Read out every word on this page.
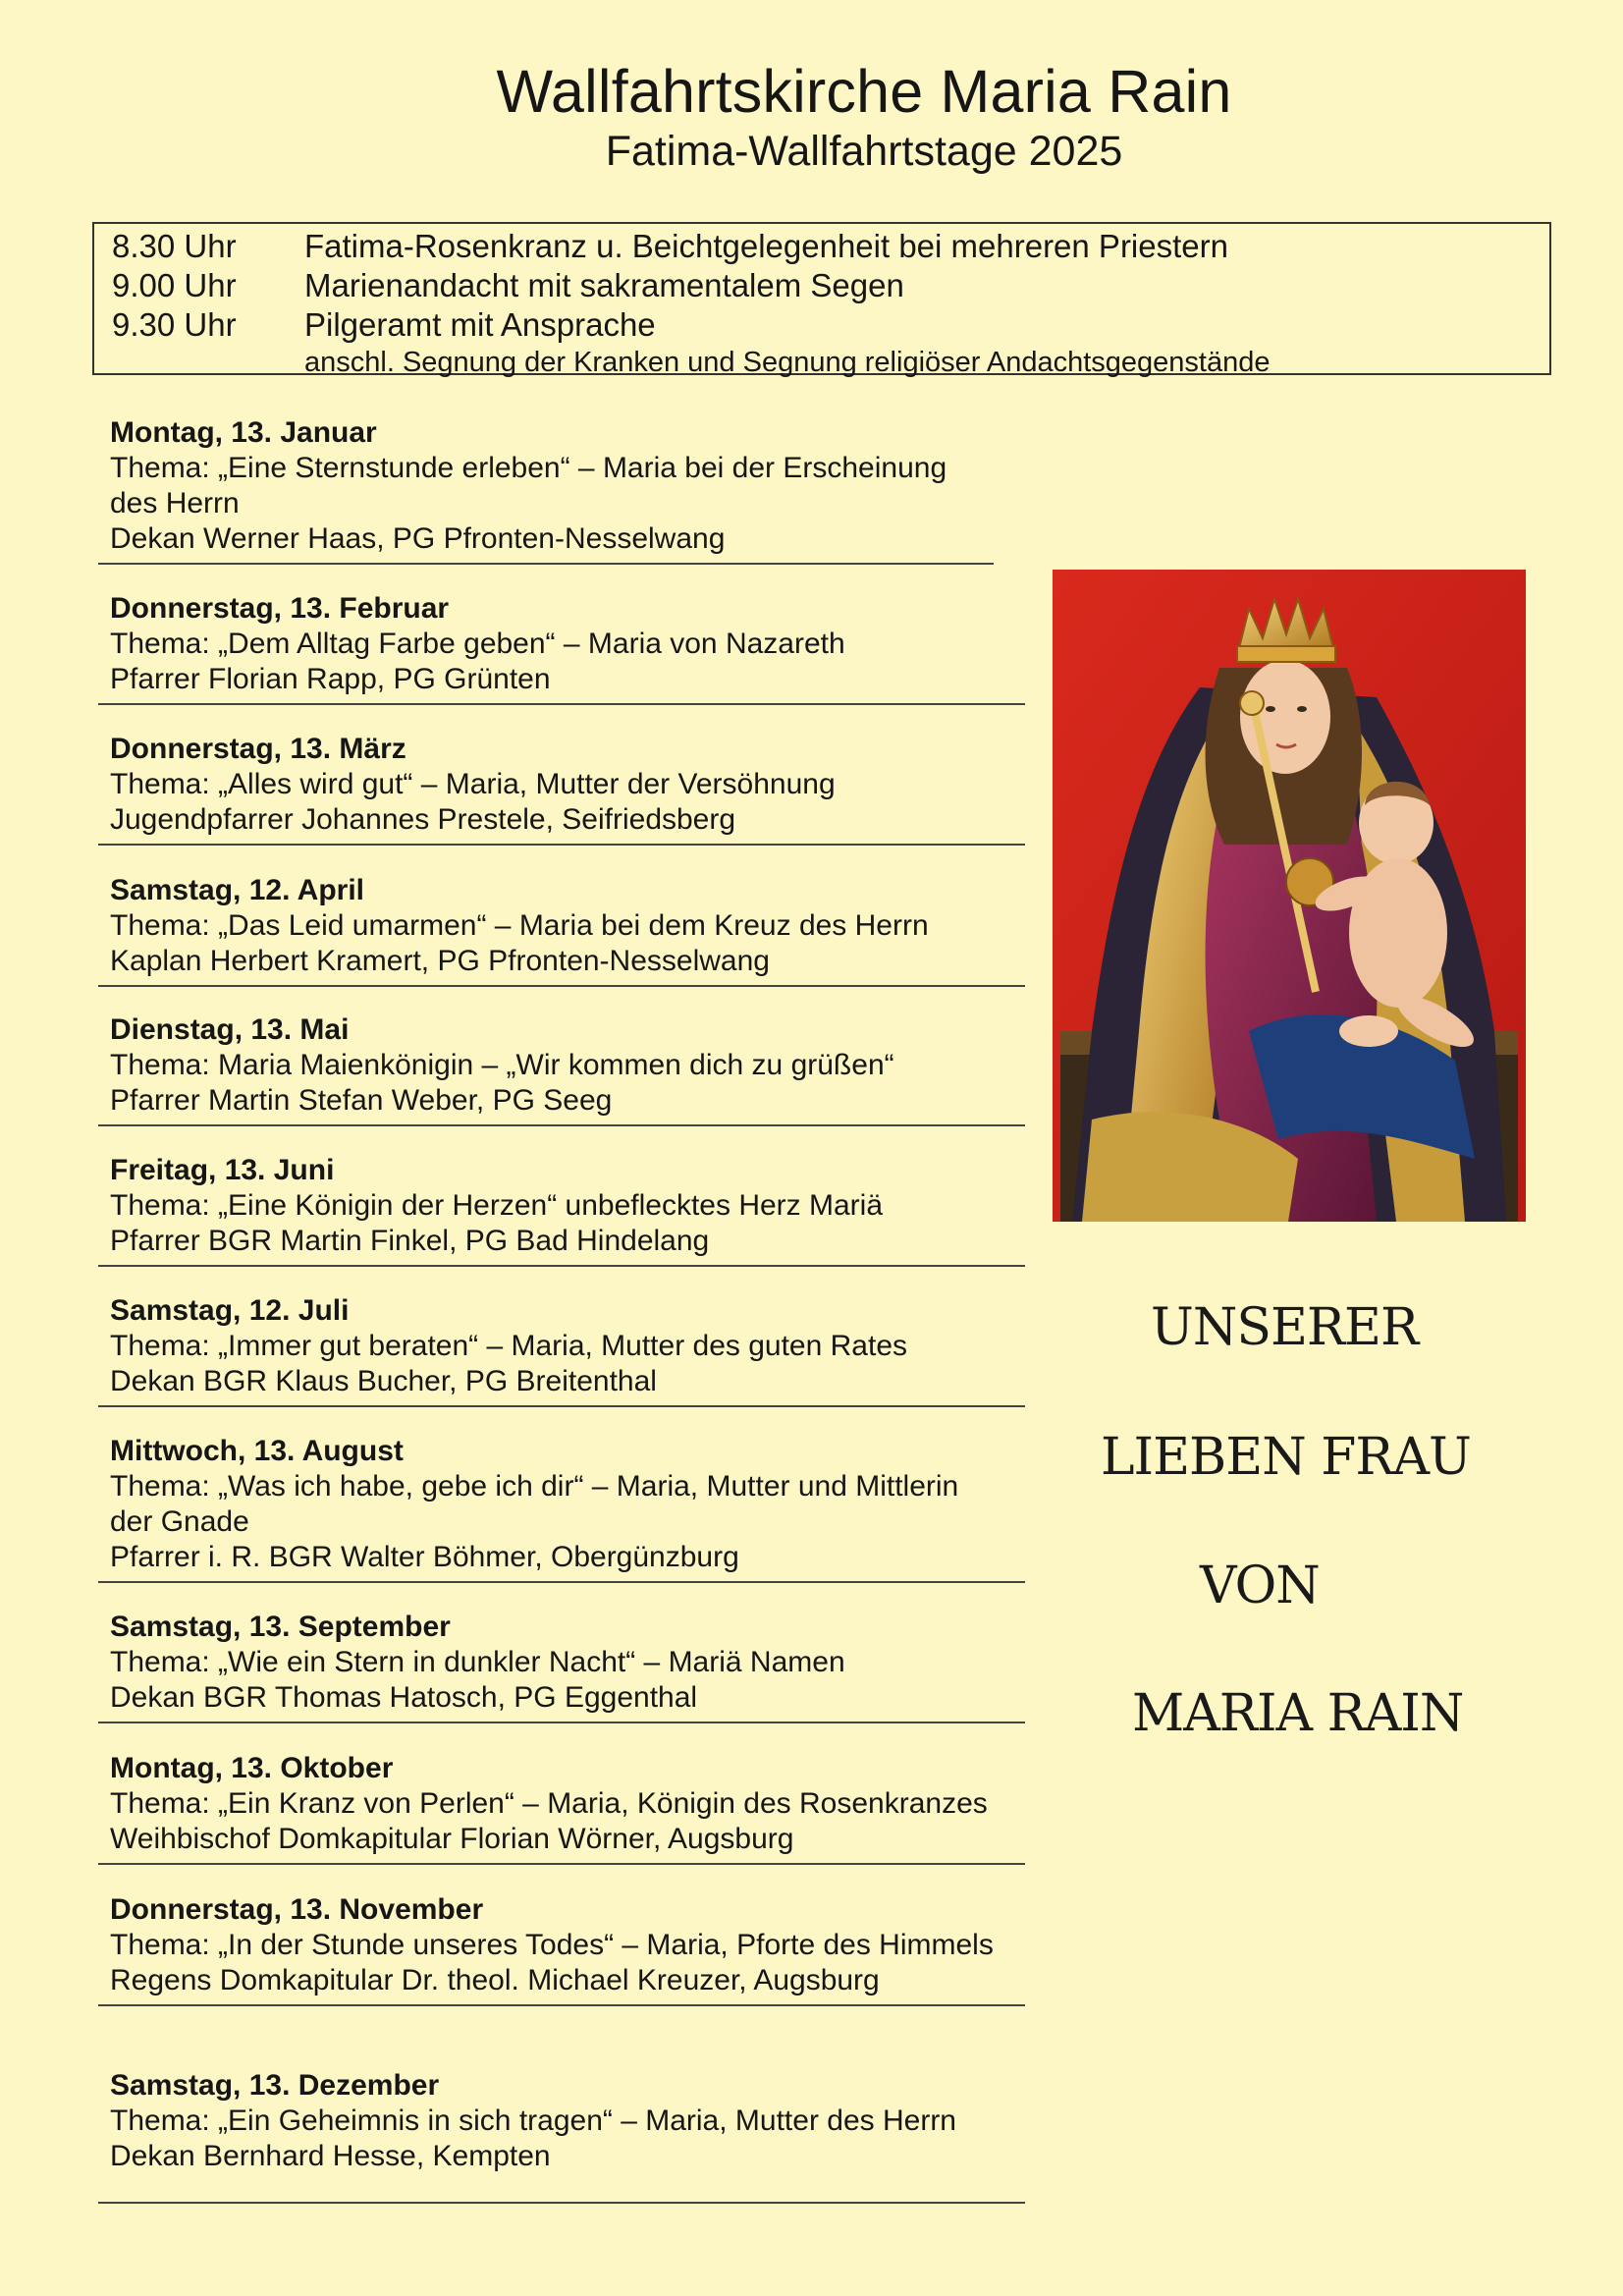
Wallfahrtskirche Maria Rain
Fatima-Wallfahrtstage 2025
8.30 Uhr Fatima-Rosenkranz u. Beichtgelegenheit bei mehreren Priestern
9.00 Uhr Marienandacht mit sakramentalem Segen
9.30 Uhr Pilgeramt mit Ansprache
anschl. Segnung der Kranken und Segnung religiöser Andachtsgegenstände
Montag, 13. Januar
Thema: „Eine Sternstunde erleben“ – Maria bei der Erscheinung des Herrn
Dekan Werner Haas, PG Pfronten-Nesselwang
Donnerstag, 13. Februar
Thema: „Dem Alltag Farbe geben“ – Maria von Nazareth
Pfarrer Florian Rapp, PG Grünten
Donnerstag, 13. März
Thema: „Alles wird gut“ – Maria, Mutter der Versöhnung
Jugendpfarrer Johannes Prestele, Seifriedsberg
Samstag, 12. April
Thema: „Das Leid umarmen“ – Maria bei dem Kreuz des Herrn
Kaplan Herbert Kramert, PG Pfronten-Nesselwang
Dienstag, 13. Mai
Thema: Maria Maienkönigin – „Wir kommen dich zu grüßen“
Pfarrer Martin Stefan Weber, PG Seeg
Freitag, 13. Juni
Thema: „Eine Königin der Herzen“ unbeflecktes Herz Mariä
Pfarrer BGR Martin Finkel, PG Bad Hindelang
Samstag, 12. Juli
Thema: „Immer gut beraten“ – Maria, Mutter des guten Rates
Dekan BGR Klaus Bucher, PG Breitenthal
Mittwoch, 13. August
Thema: „Was ich habe, gebe ich dir“ – Maria, Mutter und Mittlerin der Gnade
Pfarrer i. R. BGR Walter Böhmer, Obergünzburg
Samstag, 13. September
Thema: „Wie ein Stern in dunkler Nacht“ – Mariä Namen
Dekan BGR Thomas Hatosch, PG Eggenthal
Montag, 13. Oktober
Thema: „Ein Kranz von Perlen“ – Maria, Königin des Rosenkranzes
Weihbischof Domkapitular Florian Wörner, Augsburg
Donnerstag, 13. November
Thema: „In der Stunde unseres Todes“ – Maria, Pforte des Himmels
Regens Domkapitular Dr. theol. Michael Kreuzer, Augsburg
Samstag, 13. Dezember
Thema: „Ein Geheimnis in sich tragen“ – Maria, Mutter des Herrn
Dekan Bernhard Hesse, Kempten
UNSERER
LIEBEN FRAU
VON
MARIA RAIN
